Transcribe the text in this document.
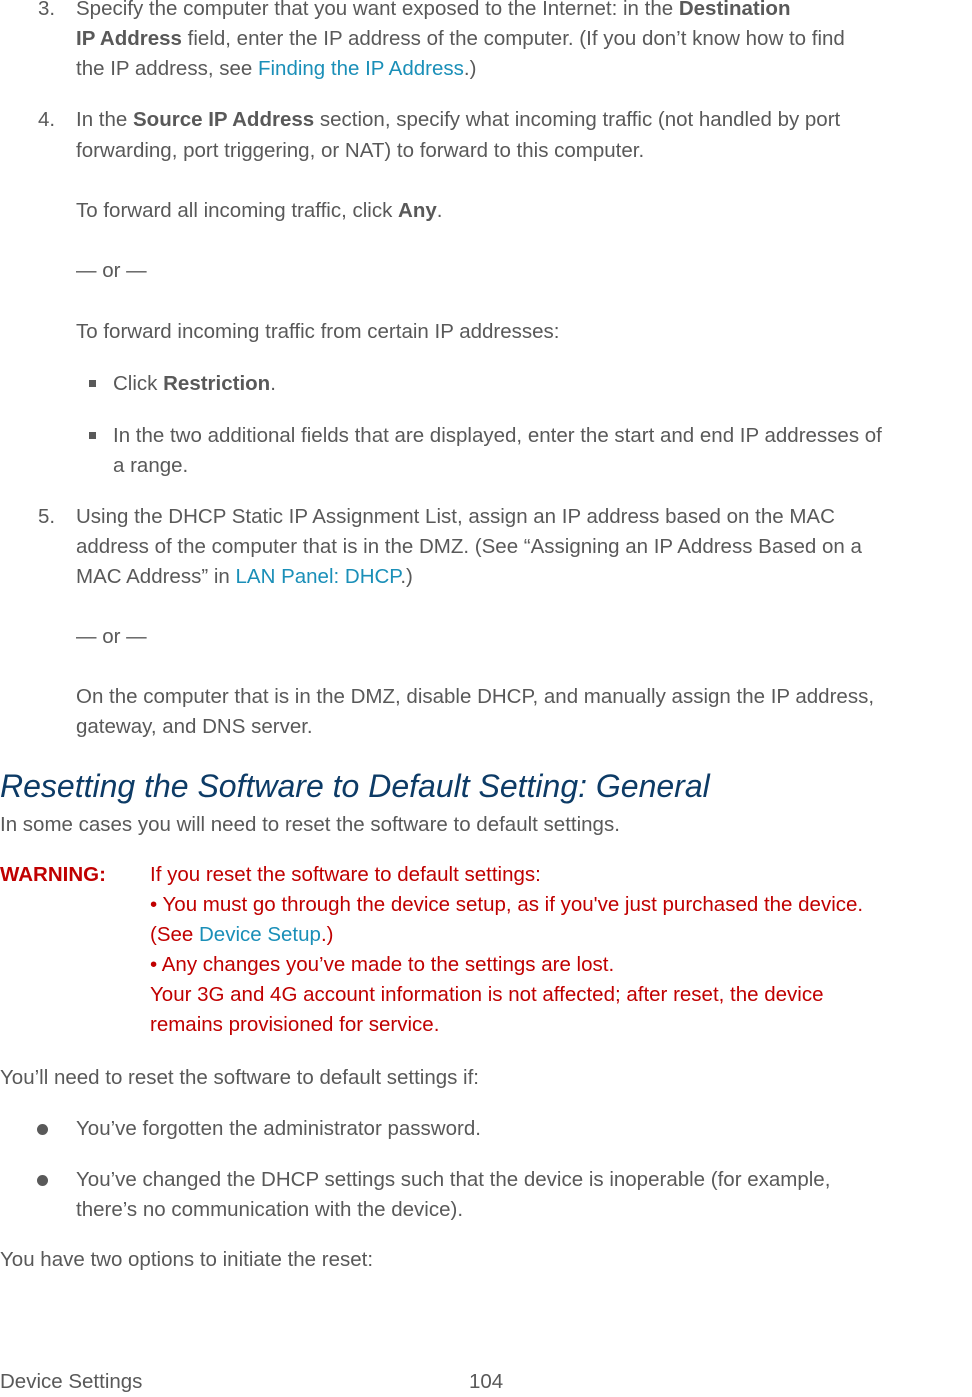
3. Specify the computer that you want exposed to the Internet: in the Destination
IP Address field, enter the IP address of the computer. (If you don’t know how to find
the IP address, see Finding the IP Address.)
4. In the Source IP Address section, specify what incoming traffic (not handled by port
forwarding, port triggering, or NAT) to forward to this computer.
To forward all incoming traffic, click Any.
— or —
To forward incoming traffic from certain IP addresses:
Click Restriction.
In the two additional fields that are displayed, enter the start and end IP addresses of
a range.
5. Using the DHCP Static IP Assignment List, assign an IP address based on the MAC
address of the computer that is in the DMZ. (See “Assigning an IP Address Based on a
MAC Address” in LAN Panel: DHCP.)
— or —
On the computer that is in the DMZ, disable DHCP, and manually assign the IP address,
gateway, and DNS server.
Resetting the Software to Default Setting: General
In some cases you will need to reset the software to default settings.
WARNING: If you reset the software to default settings:
• You must go through the device setup, as if you've just purchased the device.
(See Device Setup.)
• Any changes you’ve made to the settings are lost.
Your 3G and 4G account information is not affected; after reset, the device
remains provisioned for service.
You’ll need to reset the software to default settings if:
You’ve forgotten the administrator password.
You’ve changed the DHCP settings such that the device is inoperable (for example,
there’s no communication with the device).
You have two options to initiate the reset:
Device Settings	104
